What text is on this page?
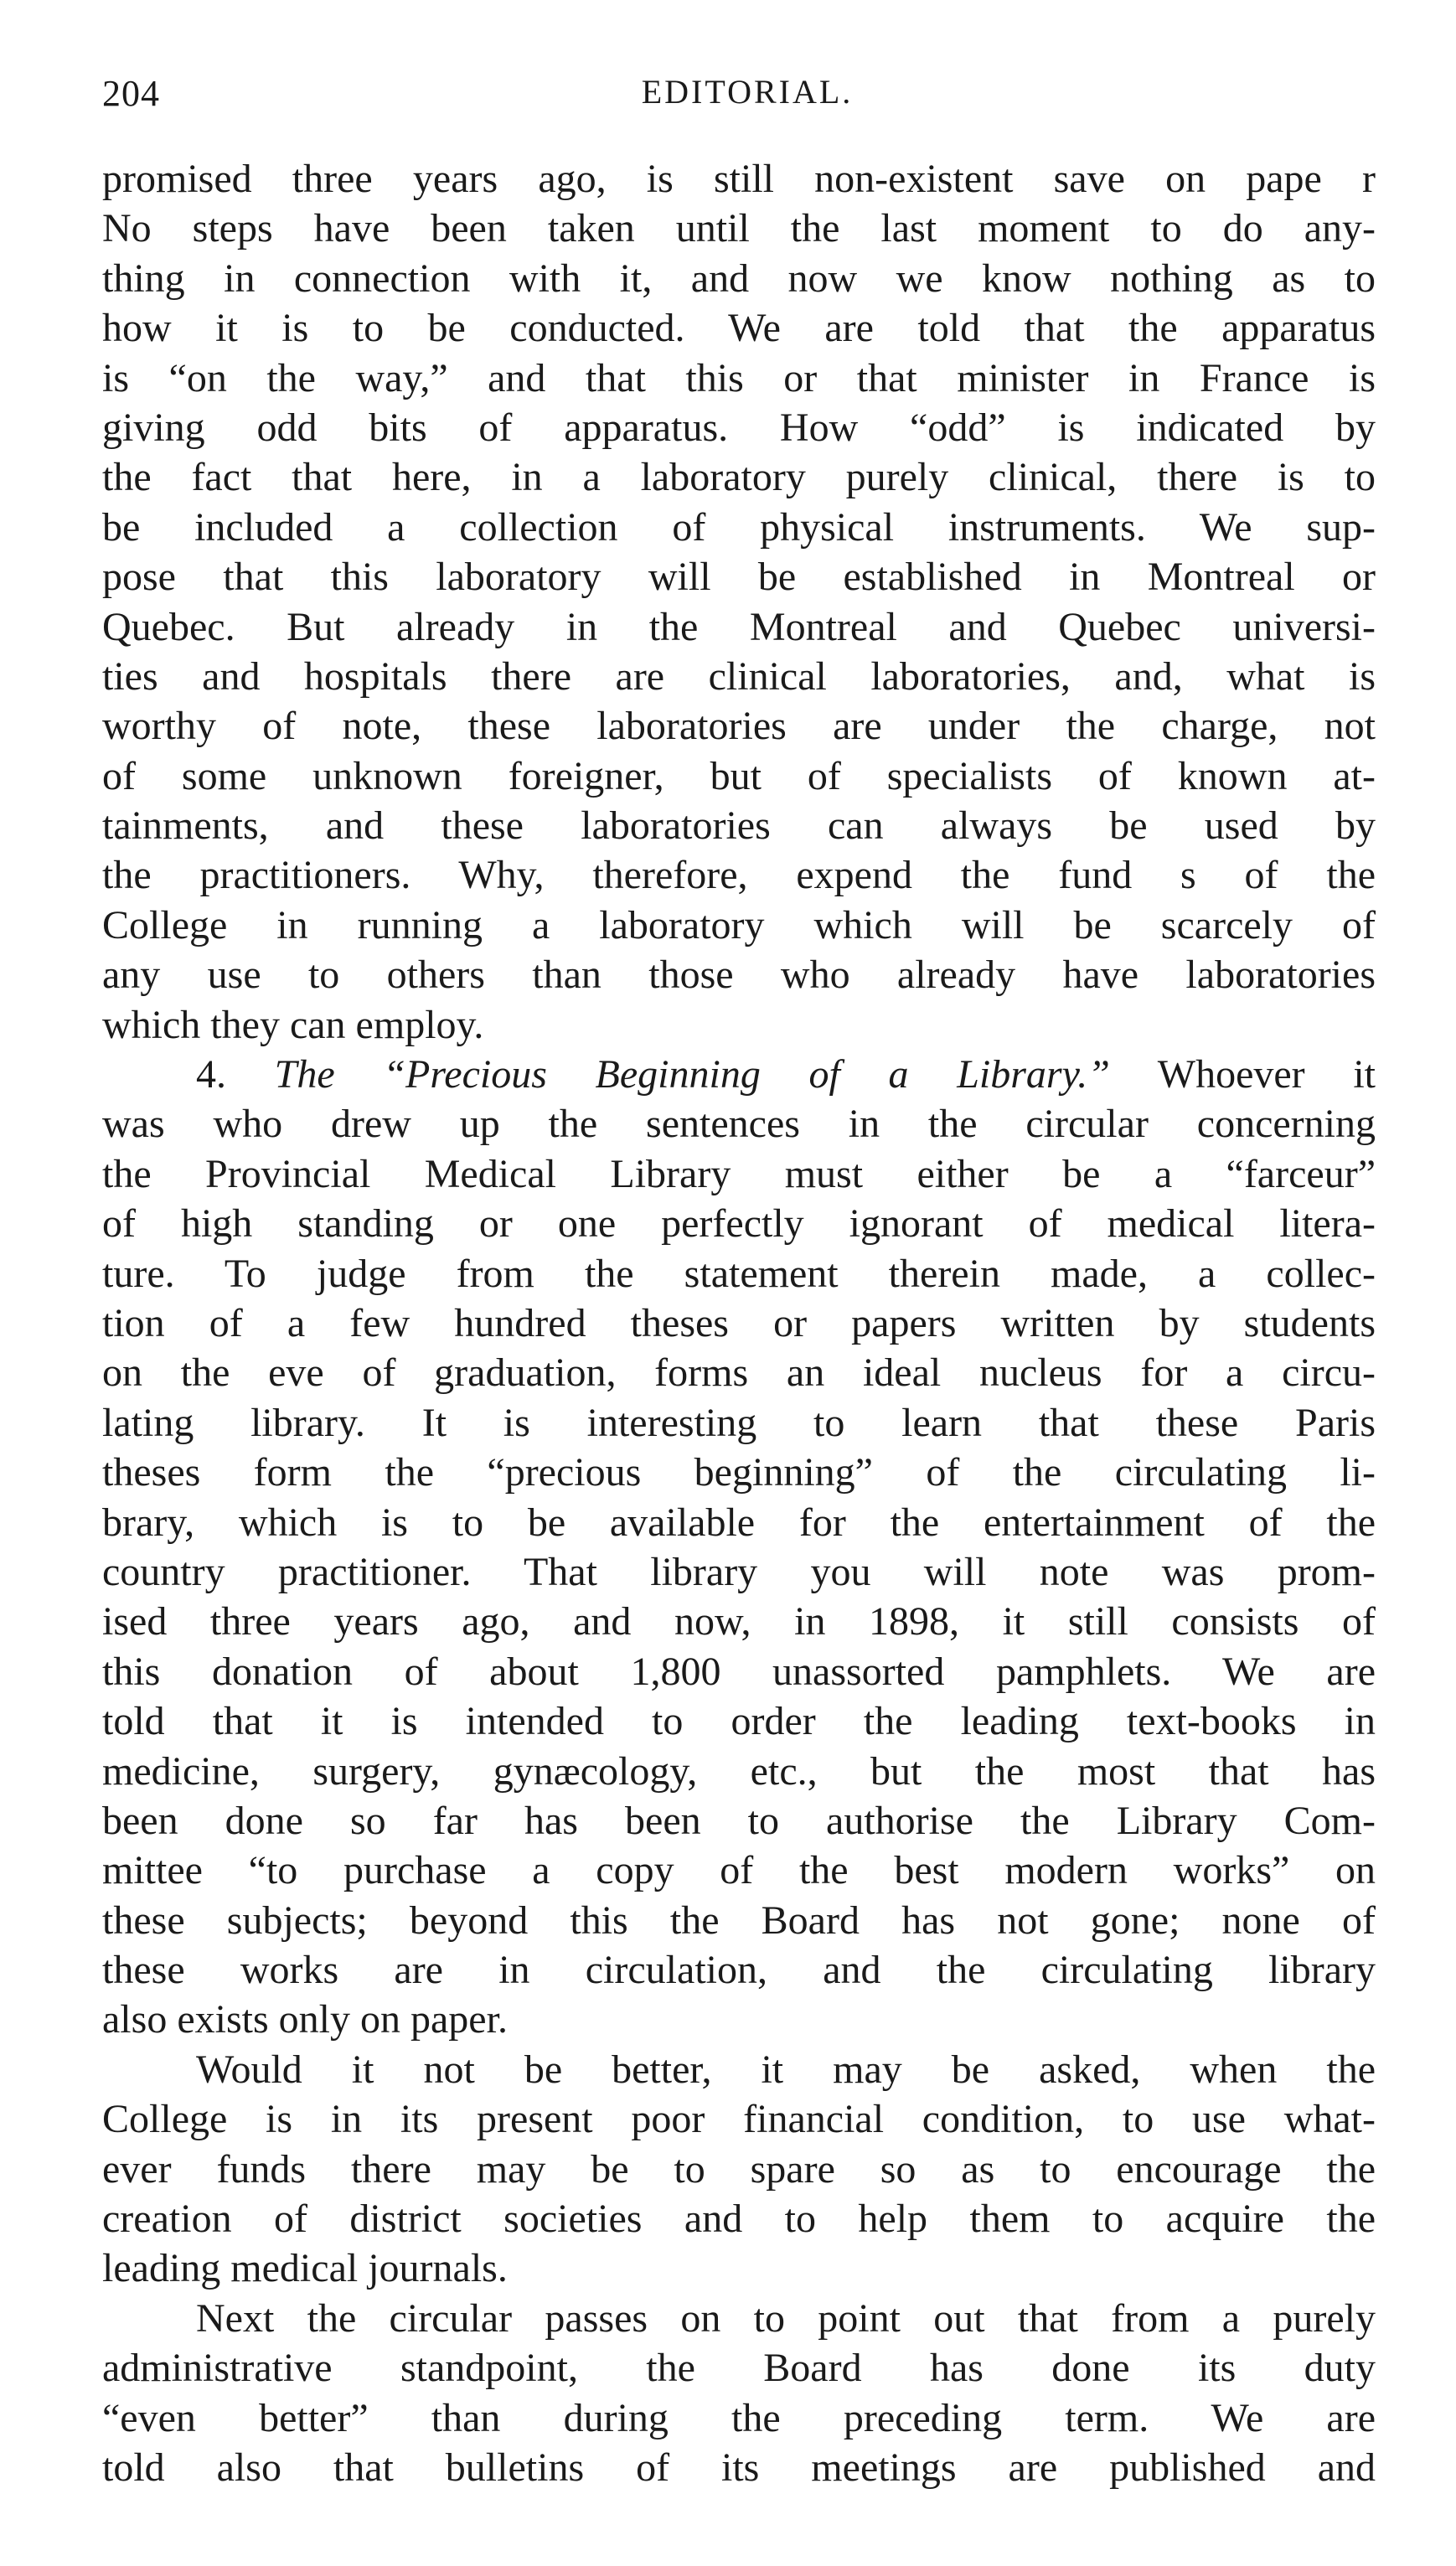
204	EDITORIAL.
promised three years ago, is still non-existent save on pape r
No steps have been taken until the last moment to do any-
thing in connection with it, and now we know nothing as to
how it is to be conducted. We are told that the apparatus
is “on the way,” and that this or that minister in France is
giving odd bits of apparatus. How “odd” is indicated by
the fact that here, in a laboratory purely clinical, there is to
be included a collection of physical instruments. We sup-
pose that this laboratory will be established in Montreal or
Quebec. But already in the Montreal and Quebec universi-
ties and hospitals there are clinical laboratories, and, what is
worthy of note, these laboratories are under the charge, not
of some unknown foreigner, but of specialists of known at-
tainments, and these laboratories can always be used by
the practitioners. Why, therefore, expend the fund s of the
College in running a laboratory which will be scarcely of
any use to others than those who already have laboratories
which they can employ.
4. The “Precious Beginning of a Library.” Whoever it
was who drew up the sentences in the circular concerning
the Provincial Medical Library must either be a “farceur”
of high standing or one perfectly ignorant of medical litera-
ture. To judge from the statement therein made, a collec-
tion of a few hundred theses or papers written by students
on the eve of graduation, forms an ideal nucleus for a circu-
lating library. It is interesting to learn that these Paris
theses form the “precious beginning” of the circulating li-
brary, which is to be available for the entertainment of the
country practitioner. That library you will note was prom-
ised three years ago, and now, in 1898, it still consists of
this donation of about 1,800 unassorted pamphlets. We are
told that it is intended to order the leading text-books in
medicine, surgery, gynæcology, etc., but the most that has
been done so far has been to authorise the Library Com-
mittee “to purchase a copy of the best modern works” on
these subjects; beyond this the Board has not gone; none of
these works are in circulation, and the circulating library
also exists only on paper.
Would it not be better, it may be asked, when the
College is in its present poor financial condition, to use what-
ever funds there may be to spare so as to encourage the
creation of district societies and to help them to acquire the
leading medical journals.
Next the circular passes on to point out that from a purely
administrative standpoint, the Board has done its duty
“even better” than during the preceding term. We are
told also that bulletins of its meetings are published and
